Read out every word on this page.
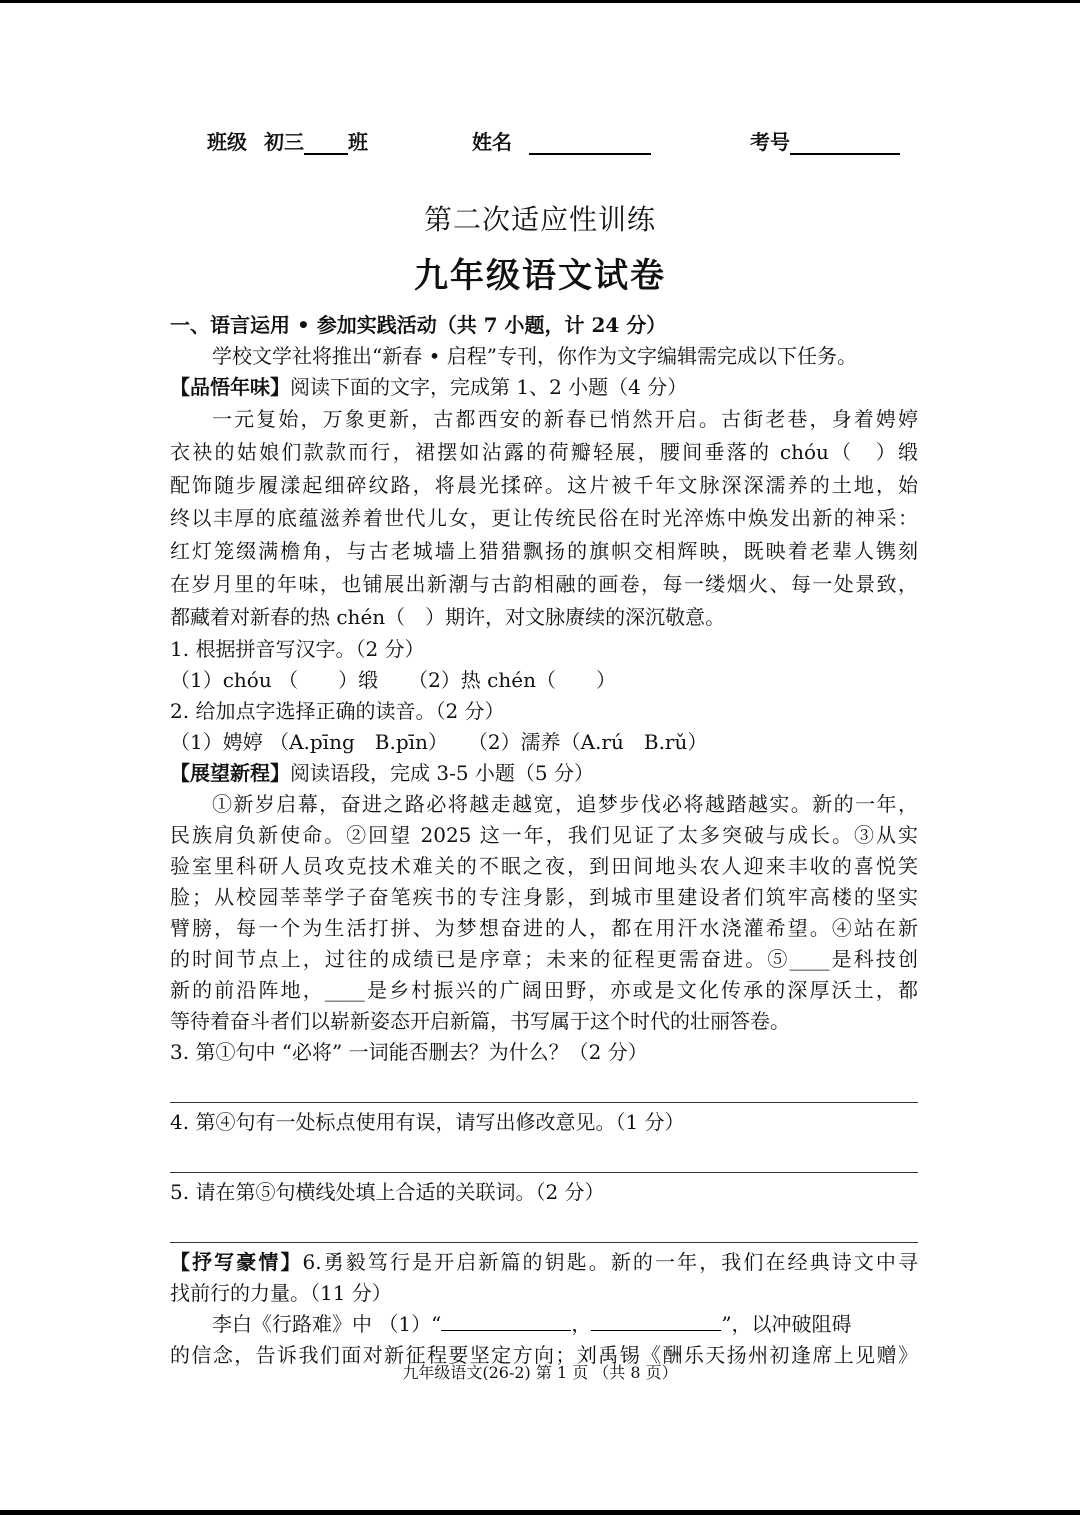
班级 初三 班	姓名	考号
第二次适应性训练
九年级语文试卷
一、语言运用 • 参加实践活动（共 7 小题，计 24 分）
学校文学社将推出“新春 • 启程”专刊，你作为文字编辑需完成以下任务。
【品悟年味】阅读下面的文字，完成第 1、2 小题（4 分）
一元复始，万象更新，古都西安的新春已悄然开启。古街老巷，身着娉婷
衣袂的姑娘们款款而行，裙摆如沾露的荷瓣轻展，腰间垂落的 chóu（　）缎
配饰随步履漾起细碎纹路，将晨光揉碎。这片被千年文脉深深濡养的土地，始
终以丰厚的底蕴滋养着世代儿女，更让传统民俗在时光淬炼中焕发出新的神采：
红灯笼缀满檐角，与古老城墙上猎猎飘扬的旗帜交相辉映，既映着老辈人镌刻
在岁月里的年味，也铺展出新潮与古韵相融的画卷，每一缕烟火、每一处景致，
都藏着对新春的热 chén（　）期许，对文脉赓续的深沉敬意。
1. 根据拼音写汉字。（2 分）
（1）chóu （　　）缎　　（2）热 chén（　　）
2. 给加点字选择正确的读音。（2 分）
（1）娉婷 （A.pīng　B.pīn）　　（2）濡养（A.rú　B.rǔ）
【展望新程】阅读语段，完成 3-5 小题（5 分）
①新岁启幕，奋进之路必将越走越宽，追梦步伐必将越踏越实。新的一年，
民族肩负新使命。②回望 2025 这一年，我们见证了太多突破与成长。③从实
验室里科研人员攻克技术难关的不眠之夜，到田间地头农人迎来丰收的喜悦笑
脸；从校园莘莘学子奋笔疾书的专注身影，到城市里建设者们筑牢高楼的坚实
臂膀，每一个为生活打拼、为梦想奋进的人，都在用汗水浇灌希望。④站在新
的时间节点上，过往的成绩已是序章；未来的征程更需奋进。⑤____是科技创
新的前沿阵地，____是乡村振兴的广阔田野，亦或是文化传承的深厚沃土，都
等待着奋斗者们以崭新姿态开启新篇，书写属于这个时代的壮丽答卷。
3. 第①句中 “必将” 一词能否删去？为什么？（2 分）
4. 第④句有一处标点使用有误，请写出修改意见。（1 分）
5. 请在第⑤句横线处填上合适的关联词。（2 分）
【抒写豪情】6.勇毅笃行是开启新篇的钥匙。新的一年，我们在经典诗文中寻
找前行的力量。（11 分）
李白《行路难》中 （1）“	，	”，以冲破阻碍
的信念，告诉我们面对新征程要坚定方向；刘禹锡《酬乐天扬州初逢席上见赠》
九年级语文(26-2) 第 1 页 （共 8 页）
